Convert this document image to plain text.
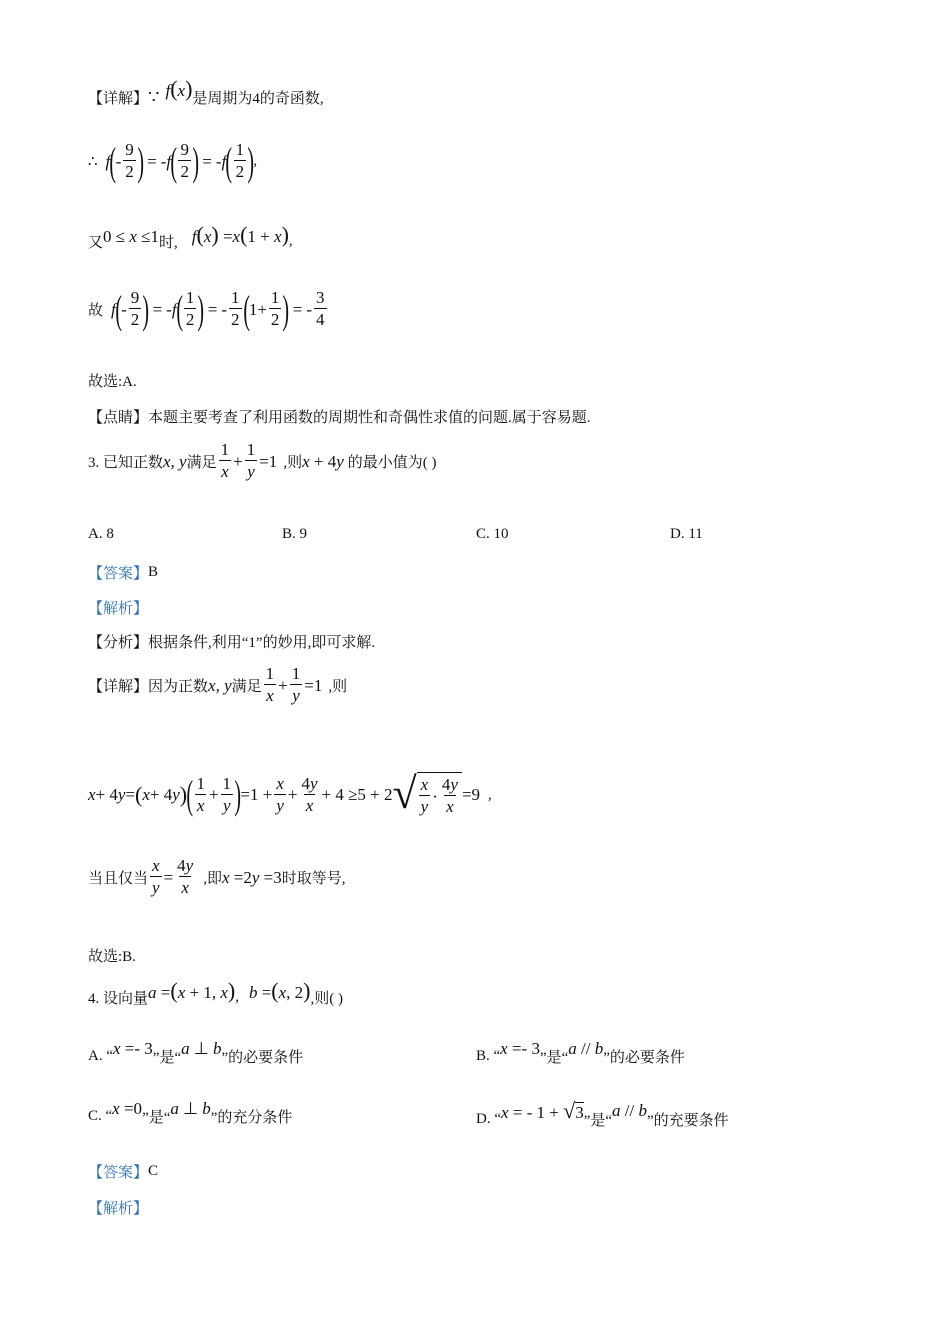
【详解】 ∵ f(x) 是周期为4的奇函数,
∴ f ( - $\frac{9}{2}$ ) = - f ( $\frac{9}{2}$ ) = - f ( $\frac{1}{2}$ ) ,
又 0 ≤ x ≤1 时, f(x) =x(1 + x) ,
故 f ( - $\frac{9}{2}$ ) = - f ( $\frac{1}{2}$ ) = - $\frac{1}{2}$ ( $1+ \frac{1}{2}$ ) = - $\frac{3}{4}$
故选:A.
【点睛】 本题主要考查了利用函数的周期性和奇偶性求值的问题.属于容易题.
3. 已知正数 x, y 满足 $\frac{1}{x} + \frac{1}{y} =1$ ,则 x + 4y 的最小值为( )
A. 8	B. 9	C. 10	D. 11
【答案】 B
【解析】
【分析】 根据条件,利用“1”的妙用,即可求解.
【详解】 因为正数 x, y 满足 $\frac{1}{x} + \frac{1}{y} =1$ ,则
x + 4 y = ( x + 4 y ) ( $\frac{1}{x} + \frac{1}{y}$ ) $=1 + \frac{x}{y} + \frac{4y}{x} + 4 \ge 5 + 2$ √ $\frac{x}{y} \cdot \frac{4y}{x} =9$ ,
当且仅当 $\frac{x}{y} = \frac{4y}{x}$ ,即 x =2y =3 时取等号,
故选:B.
4. 设向量 a =(x + 1, x) , b =(x, 2) ,则( )
A. “ x =- 3
”是“
a ⊥ b
”的必要条件	B. “ x =- 3
”是“
a // b
”的必要条件
C. “ x =0
”是“
a ⊥ b
”的充分条件	D. “ x = - 1 + √3 ”是“
a // b
”的充要条件
【答案】 C
【解析】
